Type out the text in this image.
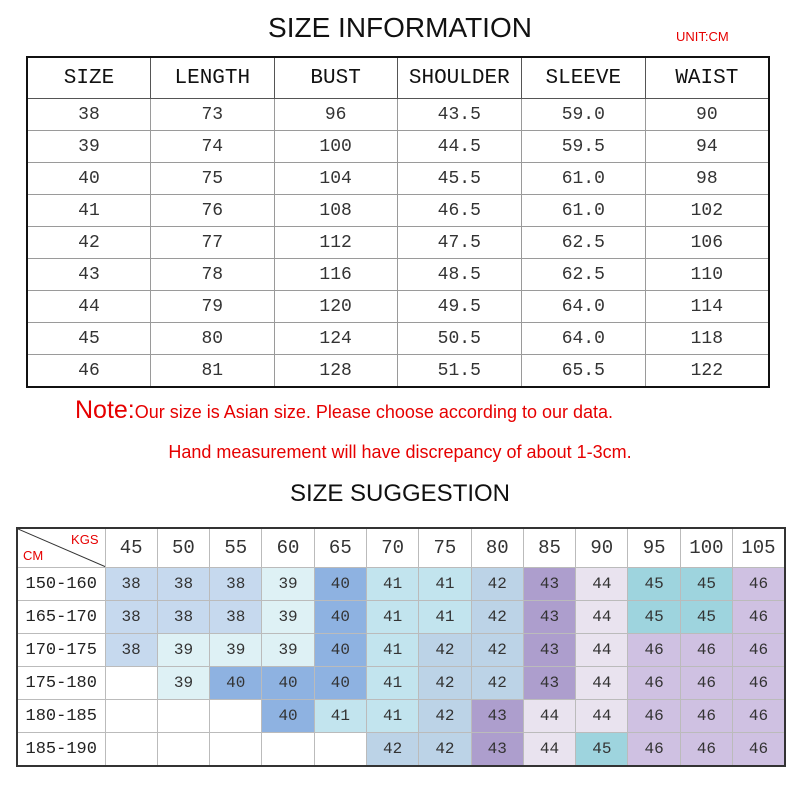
SIZE INFORMATION	UNIT:CM
SIZE	LENGTH	BUST	SHOULDER	SLEEVE	WAIST
38	73	96	43.5	59.0	90
39	74	100	44.5	59.5	94
40	75	104	45.5	61.0	98
41	76	108	46.5	61.0	102
42	77	112	47.5	62.5	106
43	78	116	48.5	62.5	110
44	79	120	49.5	64.0	114
45	80	124	50.5	64.0	118
46	81	128	51.5	65.5	122
Note:Our size is Asian size. Please choose according to our data.
Hand measurement will have discrepancy of about 1-3cm.
SIZE SUGGESTION
KGS
CM	45	50	55	60	65	70	75	80	85	90	95	100	105
150-160	38	38	38	39	40	41	41	42	43	44	45	45	46
165-170	38	38	38	39	40	41	41	42	43	44	45	45	46
170-175	38	39	39	39	40	41	42	42	43	44	46	46	46
175-180		39	40	40	40	41	42	42	43	44	46	46	46
180-185				40	41	41	42	43	44	44	46	46	46
185-190						42	42	43	44	45	46	46	46
